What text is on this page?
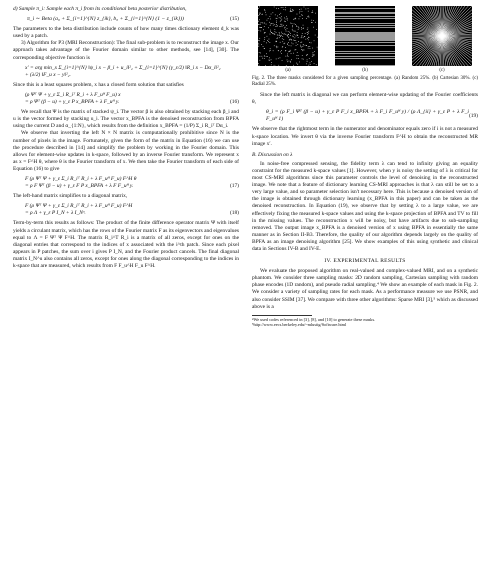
d) Sample π_i: Sample each π_i from its conditional beta posterior distribution,

π_i ∼ Beta (a₀ + Σ_{i=1}^{N} z_{ik}, b₀ + Σ_{i=1}^{N} (1 − z_{ik}))	(15)

The parameters to the beta distribution include counts of how many times dictionary element d_k was used by a patch.

3) Algorithm for P3 (MRI Reconstruction): The final sub-problem is to reconstruct the image x. Our approach takes advantage of the Fourier domain similar to other methods, see [14], [30]. The corresponding objective function is

x′ = arg min_x Σ_{i=1}^{N} ‖ψ_i x − β_i + u_i‖²₂ + Σ_{i=1}^{N} (γ_ε/2) ‖R_i x − Dα_i‖²₂
+ (λ/2) ‖F_u x − y‖²₂.

Since this is a least squares problem, x has a closed form solution that satisfies

(ρ Ψᵀ Ψ + γ_ε Σ_i R_iᵀ R_i + λ F_uᴴ F_u) x
= ρ Ψᵀ (β − u) + γ_ε P x_BPFA + λ F_uᴴ y.	(16)

We recall that Ψ is the matrix of stacked ψ_i. The vector β is also obtained by stacking each β_i and u is the vector formed by stacking u_i. The vector x_BPFA is the denoised reconstruction from BPFA using the current D and α_{1:N}, which results from the definition x_BPFA = (1/P) Σ_i R_iᵀ Dα_i.

We observe that inverting the left N × N matrix is computationally prohibitive since N is the number of pixels in the image. Fortunately, given the form of the matrix in Equation (16) we can use the procedure described in [14] and simplify the problem by working in the Fourier domain. This allows for element-wise updates in k-space, followed by an inverse Fourier transform. We represent x as x = F^H θ, where θ is the Fourier transform of x. We then take the Fourier transform of each side of Equation (16) to give

F (ρ Ψᵀ Ψ + γ_ε Σ_i R_iᵀ R_i + λ F_uᴴ F_u) F^H θ
= ρ F Ψᵀ (β − u) + γ_ε F P x_BPFA + λ F F_uᴴ y.	(17)

The left-hand matrix simplifies to a diagonal matrix,

F (ρ Ψᵀ Ψ + γ_ε Σ_i R_iᵀ R_i + λ F_uᴴ F_u) F^H
= ρ Λ + γ_ε P I_N + λ I_Nᵘ.	(18)

Term-by-term this results as follows: The product of the finite difference operator matrix Ψ with itself yields a circulant matrix, which has the rows of the Fourier matrix F as its eigenvectors and eigenvalues equal to Λ = F Ψᵀ Ψ F^H. The matrix R_i^T R_i is a matrix of all zeros, except for ones on the diagonal entries that correspond to the indices of x associated with the i^th patch. Since each pixel appears in P patches, the sum over i gives P I_N, and the Fourier product cancels. The final diagonal matrix I_N^u also contains all zeros, except for ones along the diagonal corresponding to the indices in k-space that are measured, which results from F F_u^H F_u F^H.

(a)	(b)	(c)

Fig. 2. The three masks considered for a given sampling percentage. (a) Random 25%. (b) Cartesian 30%. (c) Radial 25%.

Since the left matrix is diagonal we can perform element-wise updating of the Fourier coefficients θ,

θ_i = (ρ F_i Ψᵀ (β − u) + γ_ε P F_i x_BPFA + λ F_i F_uᴴ y) / (ρ Λ_{ii} + γ_ε P + λ F_i F_uᴴ 1)
(19)

We observe that the rightmost term in the numerator and denominator equals zero if i is not a measured k-space location. We invert θ via the inverse Fourier transform F^H to obtain the reconstructed MR image x′.

B. Discussion on λ

In noise-free compressed sensing, the fidelity term λ can tend to infinity giving an equality constraint for the measured k-space values [1]. However, when y is noisy the setting of λ is critical for most CS-MRI algorithms since this parameter controls the level of denoising in the reconstructed image. We note that a feature of dictionary learning CS-MRI approaches is that λ can still be set to a very large value, and so parameter selection isn't necessary here. This is because a denoised version of the image is obtained through dictionary learning (x_BPFA in this paper) and can be taken as the denoised reconstruction. In Equation (19), we observe that by setting λ to a large value, we are effectively fixing the measured k-space values and using the k-space projection of BPFA and TV to fill in the missing values. The reconstruction x will be noisy, but have artifacts due to sub-sampling removed. The output image x_BPFA is a denoised version of x using BPFA in essentially the same manner as in Section II-B3. Therefore, the quality of our algorithm depends largely on the quality of BPFA as an image denoising algorithm [25]. We show examples of this using synthetic and clinical data in Sections IV-B and IV-E.

IV. EXPERIMENTAL RESULTS

We evaluate the proposed algorithm on real-valued and complex-valued MRI, and on a synthetic phantom. We consider three sampling masks: 2D random sampling, Cartesian sampling with random phase encodes (1D random), and pseudo radial sampling.⁴ We show an example of each mask in Fig. 2. We consider a variety of sampling rates for each mask. As a performance measure we use PSNR, and also consider SSIM [37]. We compare with three other algorithms: Sparse MRI [3],⁵ which as discussed above is a

⁴We used codes referenced in [3], [8], and [10] to generate these masks.

⁵http://www.eecs.berkeley.edu/~mlustig/Software.html
